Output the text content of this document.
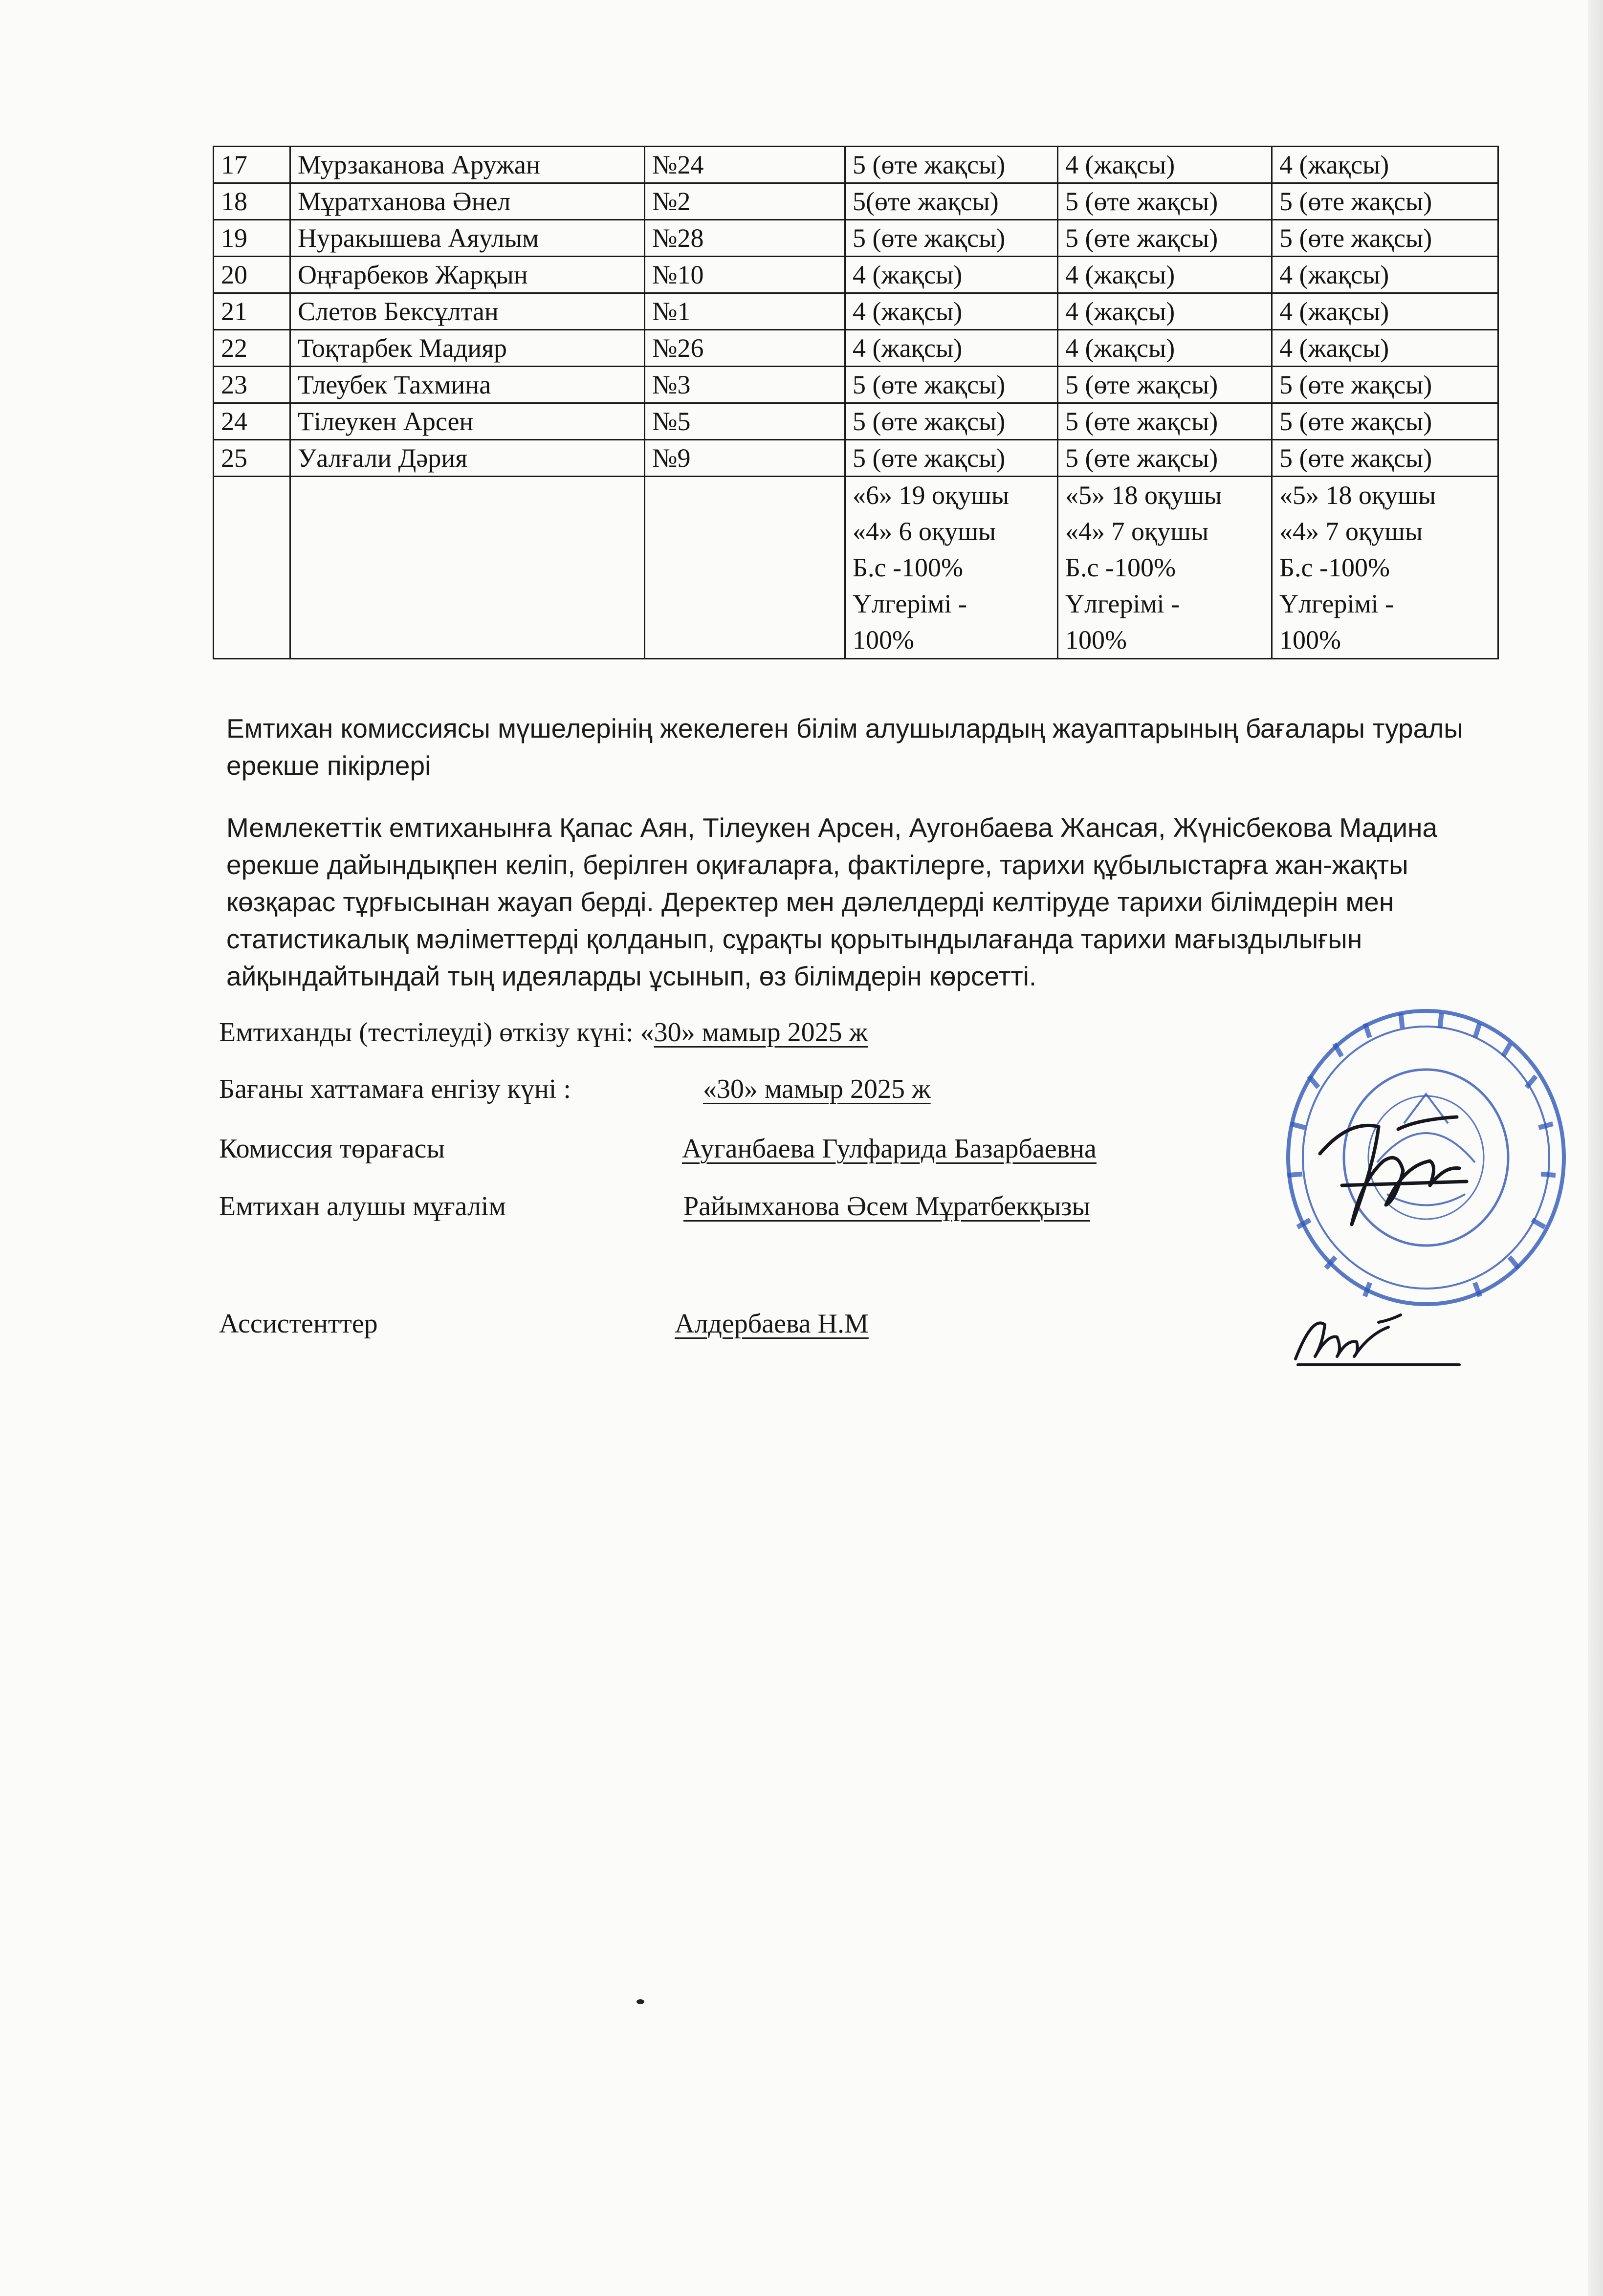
17	Мурзаканова Аружан	№24	5 (өте жақсы)	4 (жақсы)	4 (жақсы)
18	Мұратханова Әнел	№2	5(өте жақсы)	5 (өте жақсы)	5 (өте жақсы)
19	Нуракышева Аяулым	№28	5 (өте жақсы)	5 (өте жақсы)	5 (өте жақсы)
20	Оңғарбеков Жарқын	№10	4 (жақсы)	4 (жақсы)	4 (жақсы)
21	Слетов Бексұлтан	№1	4 (жақсы)	4 (жақсы)	4 (жақсы)
22	Тоқтарбек Мадияр	№26	4 (жақсы)	4 (жақсы)	4 (жақсы)
23	Тлеубек Тахмина	№3	5 (өте жақсы)	5 (өте жақсы)	5 (өте жақсы)
24	Тілеукен Арсен	№5	5 (өте жақсы)	5 (өте жақсы)	5 (өте жақсы)
25	Уалғали Дәрия	№9	5 (өте жақсы)	5 (өте жақсы)	5 (өте жақсы)

			«6» 19 оқушы
«4» 6 оқушы
Б.с -100%
Үлгерімі -
100%	«5» 18 оқушы
«4» 7 оқушы
Б.с -100%
Үлгерімі -
100%	«5» 18 оқушы
«4» 7 оқушы
Б.с -100%
Үлгерімі -
100%
Емтихан комиссиясы мүшелерінің жекелеген білім алушылардың жауаптарының бағалары туралы ерекше пікірлері
Мемлекеттік емтиханынға Қапас Аян, Тілеукен Арсен, Аугонбаева Жансая, Жүнісбекова Мадина ерекше дайындықпен келіп, берілген оқиғаларға, фактілерге, тарихи құбылыстарға жан-жақты көзқарас тұрғысынан жауап берді. Деректер мен дәлелдерді келтіруде тарихи білімдерін мен статистикалық мәліметтерді қолданып, сұрақты қорытындылағанда тарихи мағыздылығын айқындайтындай тың идеяларды ұсынып, өз білімдерін көрсетті.
Емтиханды (тестілеуді) өткізу күні: «30» мамыр 2025 ж
Бағаны хаттамаға енгізу күні :	«30» мамыр 2025 ж
Комиссия төрағасы	Ауганбаева Гулфарида Базарбаевна
Емтихан алушы мұғалім	Райымханова Әсем Мұратбекқызы
Ассистенттер	Алдербаева Н.М
